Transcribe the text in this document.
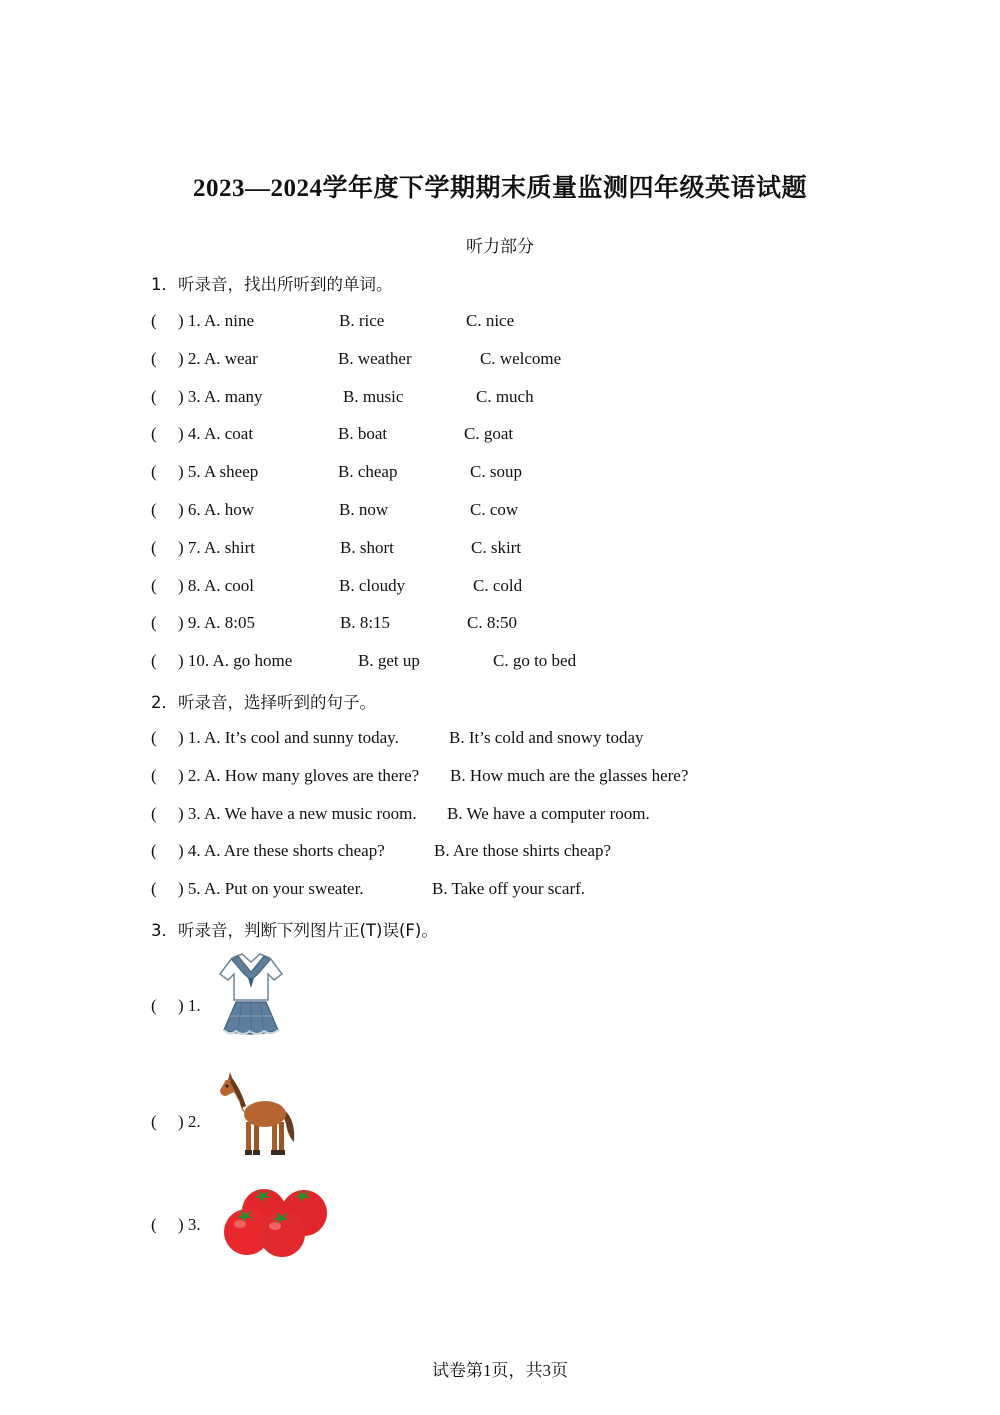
2023—2024学年度下学期期末质量监测四年级英语试题
听力部分
1．听录音，找出所听到的单词。
( ) 1. A. nine	B. rice	C. nice
( ) 2. A. wear	B. weather	C. welcome
( ) 3. A. many	B. music	C. much
( ) 4. A. coat	B. boat	C. goat
( ) 5. A sheep	B. cheap	C. soup
( ) 6. A. how	B. now	C. cow
( ) 7. A. shirt	B. short	C. skirt
( ) 8. A. cool	B. cloudy	C. cold
( ) 9. A. 8:05	B. 8:15	C. 8:50
( ) 10. A. go home	B. get up	C. go to bed
2．听录音，选择听到的句子。
( ) 1. A. It’s cool and sunny today.	B. It’s cold and snowy today
( ) 2. A. How many gloves are there? B. How much are the glasses here?
( ) 3. A. We have a new music room. B. We have a computer room.
( ) 4. A. Are these shorts cheap?	B. Are those shirts cheap?
( ) 5. A. Put on your sweater.	B. Take off your scarf.
3．听录音，判断下列图片正(T)误(F)。
( ) 1.
( ) 2.
( ) 3.
试卷第1页，共3页
